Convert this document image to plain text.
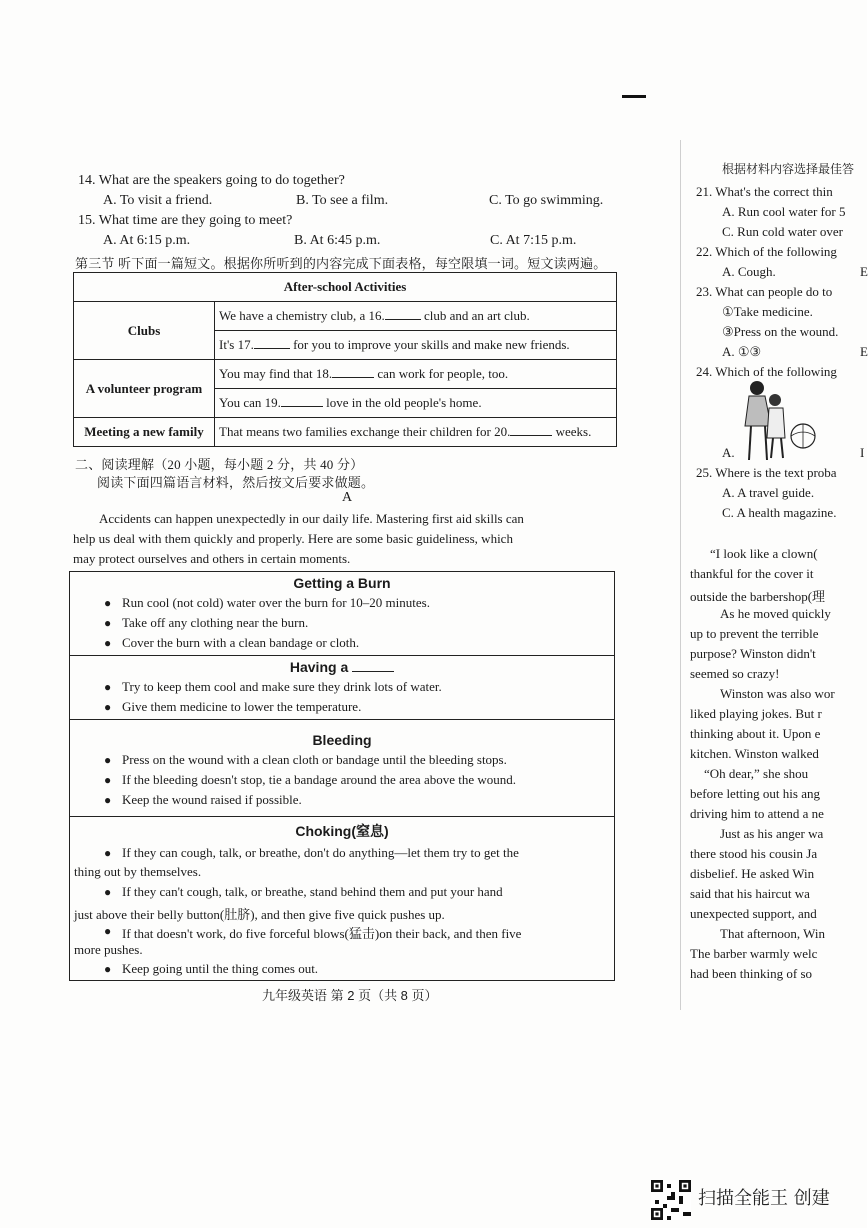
14. What are the speakers going to do together?
A. To visit a friend.	B. To see a film.	C. To go swimming.
15. What time are they going to meet?
A. At 6:15 p.m.	B. At 6:45 p.m.	C. At 7:15 p.m.
第三节 听下面一篇短文。根据你所听到的内容完成下面表格，每空限填一词。短文读两遍。
After-school Activities	
Clubs	We have a chemistry club, a 16. club and an art club.
	It's 17. for you to improve your skills and make new friends.
A volunteer program	You may find that 18. can work for people, too.
	You can 19. love in the old people's home.
Meeting a new family	That means two families exchange their children for 20. weeks.
二、阅读理解（20 小题，每小题 2 分，共 40 分）
阅读下面四篇语言材料，然后按文后要求做题。
A
Accidents can happen unexpectedly in our daily life. Mastering first aid skills can
help us deal with them quickly and properly. Here are some basic guideliness, which
may protect ourselves and others in certain moments.
Getting a Burn
● Run cool (not cold) water over the burn for 10–20 minutes.
● Take off any clothing near the burn.
● Cover the burn with a clean bandage or cloth.
Having a
● Try to keep them cool and make sure they drink lots of water.
● Give them medicine to lower the temperature.
Bleeding
● Press on the wound with a clean cloth or bandage until the bleeding stops.
● If the bleeding doesn't stop, tie a bandage around the area above the wound.
● Keep the wound raised if possible.
Choking(窒息)
● If they can cough, talk, or breathe, don't do anything—let them try to get the
thing out by themselves.
● If they can't cough, talk, or breathe, stand behind them and put your hand
just above their belly button(肚脐), and then give five quick pushes up.
● If that doesn't work, do five forceful blows(猛击)on their back, and then five
more pushes.
● Keep going until the thing comes out.
九年级英语 第 2 页（共 8 页）
根据材料内容选择最佳答
21. What's the correct thin
A. Run cool water for 5
C. Run cold water over
22. Which of the following
A. Cough.	E
23. What can people do to
①Take medicine.
③Press on the wound.
A. ①③	E
24. Which of the following
A.	I
25. Where is the text proba
A. A travel guide.
C. A health magazine.
“I look like a clown(
thankful for the cover it
outside the barbershop(理
As he moved quickly
up to prevent the terrible
purpose? Winston didn't
seemed so crazy!
Winston was also wor
liked playing jokes. But r
thinking about it. Upon e
kitchen. Winston walked
“Oh dear,” she shou
before letting out his ang
driving him to attend a ne
Just as his anger wa
there stood his cousin Ja
disbelief. He asked Win
said that his haircut wa
unexpected support, and
That afternoon, Win
The barber warmly welc
had been thinking of so
扫描全能王 创建
